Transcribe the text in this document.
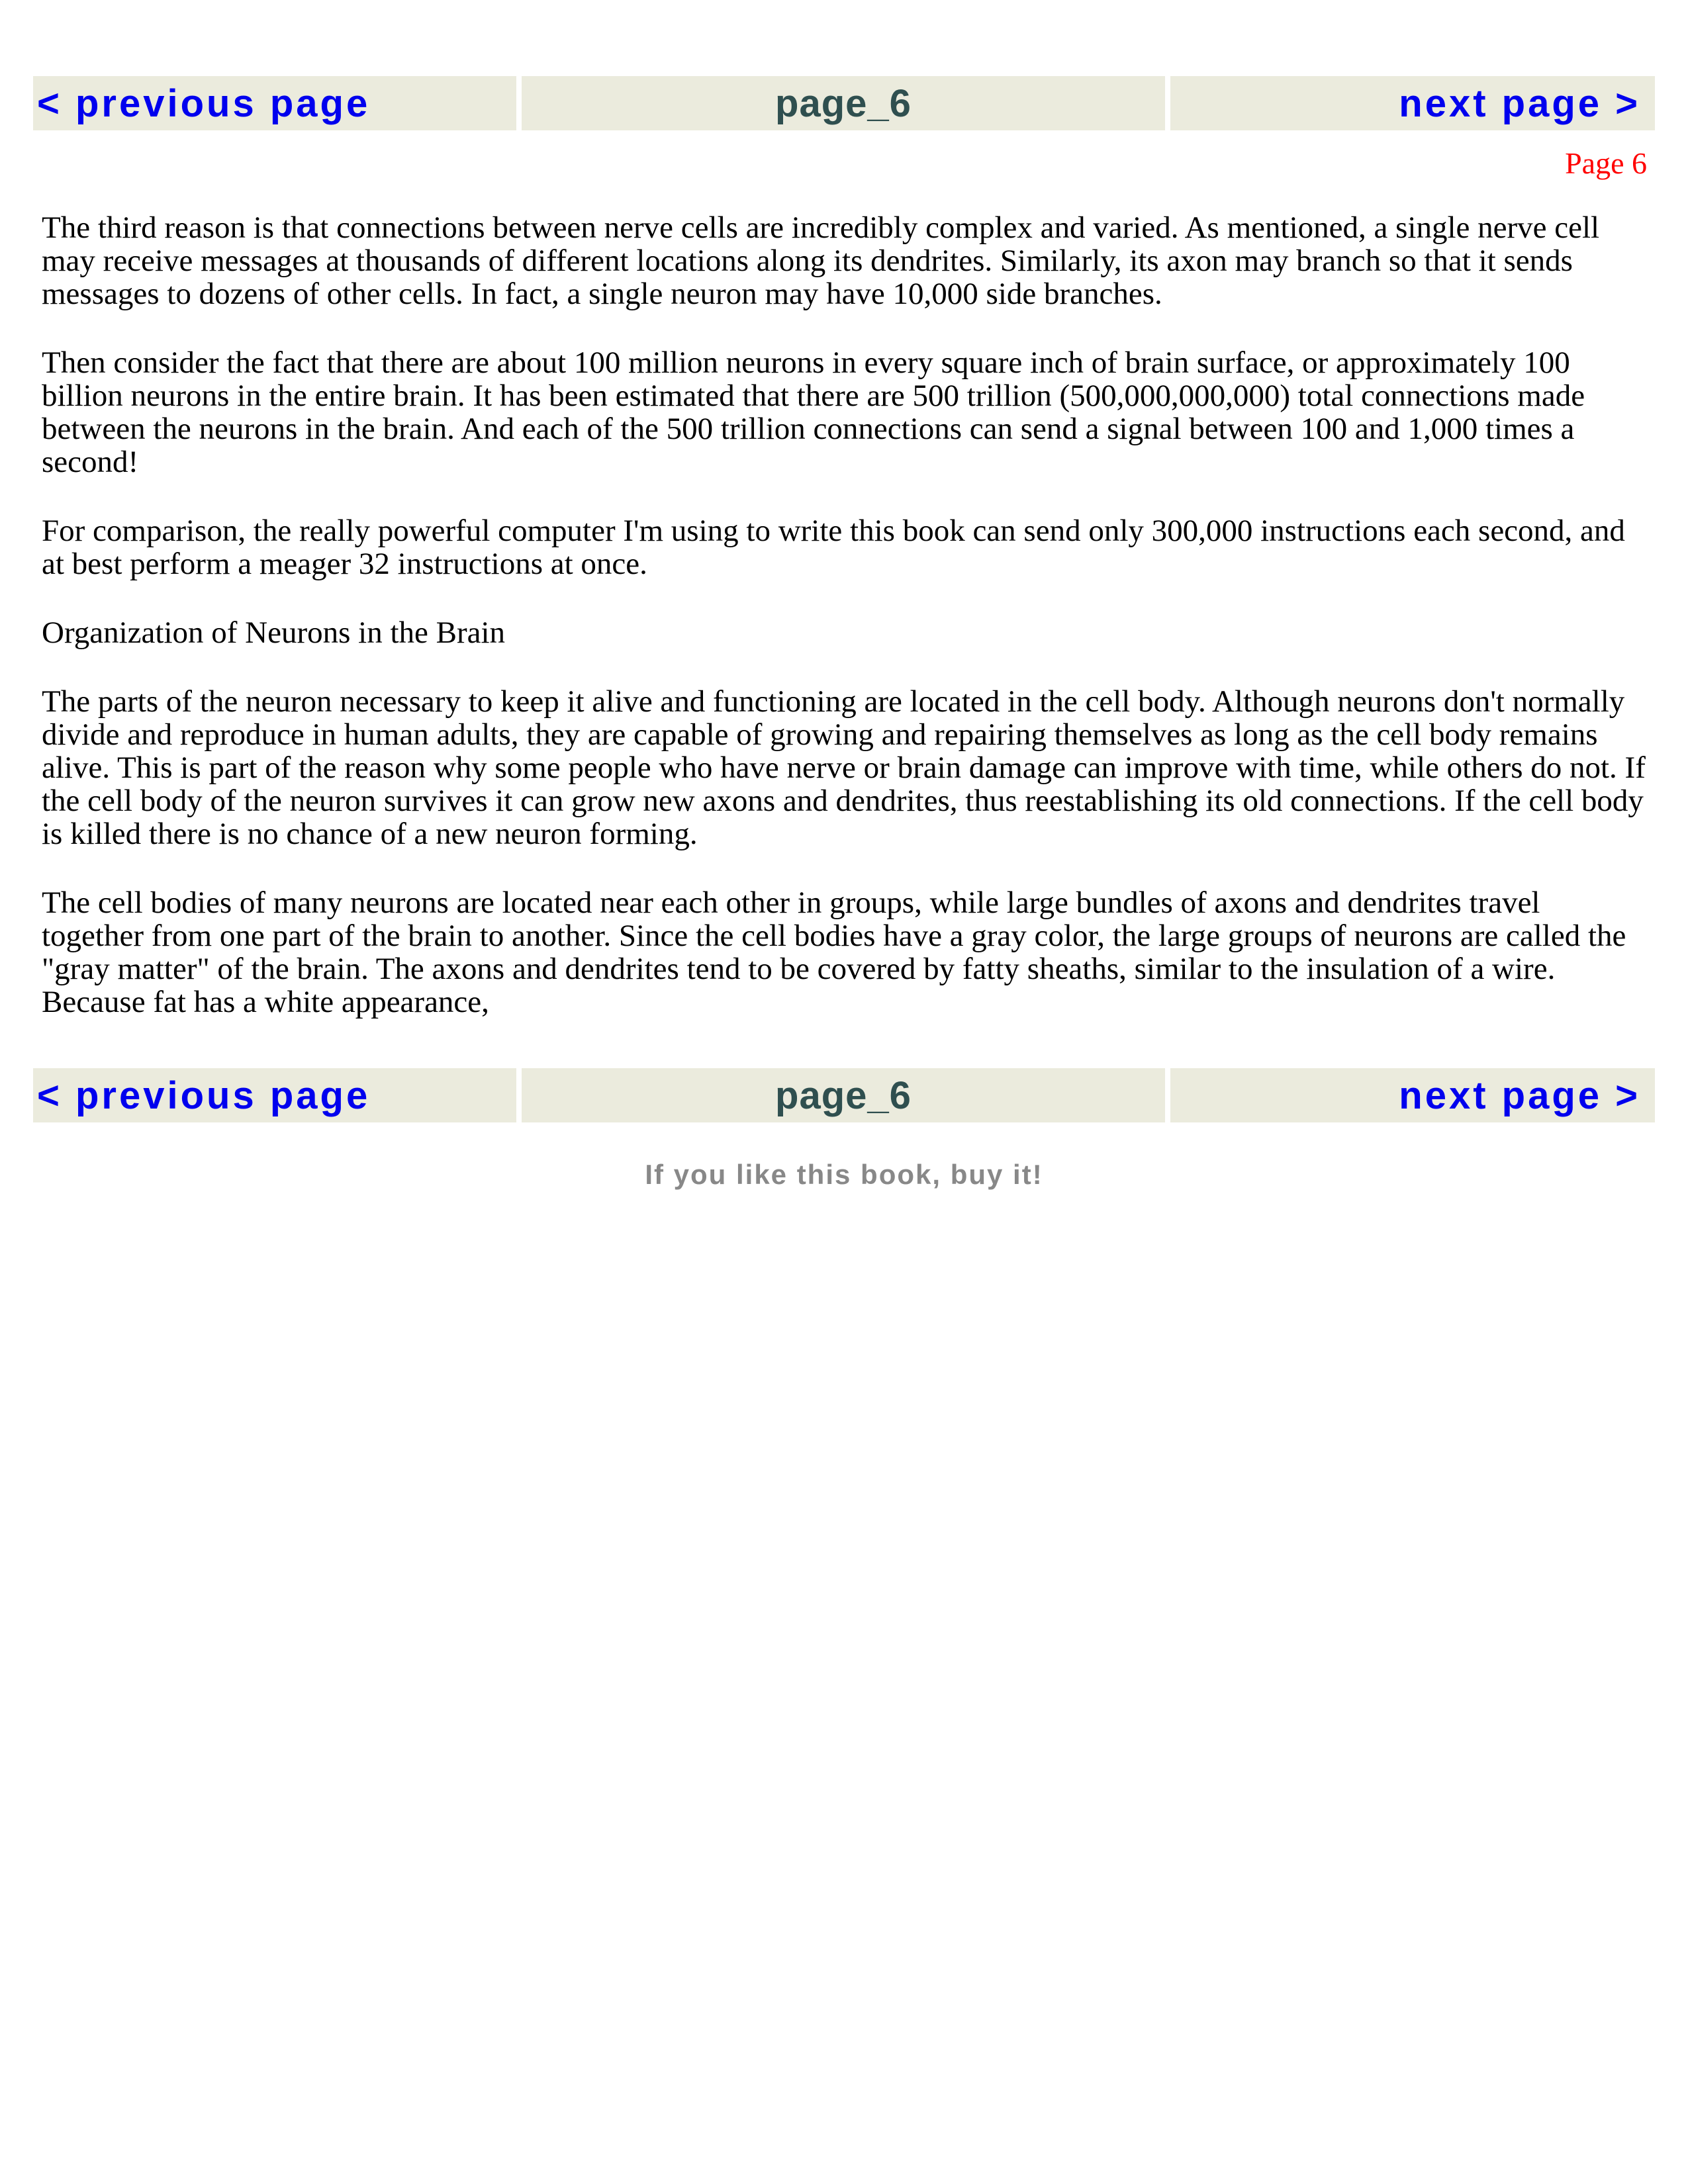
< previous page	page_6	next page >
Page 6

The third reason is that connections between nerve cells are incredibly complex and varied. As mentioned, a single nerve cell may receive messages at thousands of different locations along its dendrites. Similarly, its axon may branch so that it sends messages to dozens of other cells. In fact, a single neuron may have 10,000 side branches.

Then consider the fact that there are about 100 million neurons in every square inch of brain surface, or approximately 100 billion neurons in the entire brain. It has been estimated that there are 500 trillion (500,000,000,000) total connections made between the neurons in the brain. And each of the 500 trillion connections can send a signal between 100 and 1,000 times a second!

For comparison, the really powerful computer I'm using to write this book can send only 300,000 instructions each second, and at best perform a meager 32 instructions at once.

Organization of Neurons in the Brain

The parts of the neuron necessary to keep it alive and functioning are located in the cell body. Although neurons don't normally divide and reproduce in human adults, they are capable of growing and repairing themselves as long as the cell body remains alive. This is part of the reason why some people who have nerve or brain damage can improve with time, while others do not. If the cell body of the neuron survives it can grow new axons and dendrites, thus reestablishing its old connections. If the cell body is killed there is no chance of a new neuron forming.

The cell bodies of many neurons are located near each other in groups, while large bundles of axons and dendrites travel together from one part of the brain to another. Since the cell bodies have a gray color, the large groups of neurons are called the "gray matter" of the brain. The axons and dendrites tend to be covered by fatty sheaths, similar to the insulation of a wire. Because fat has a white appearance,

< previous page	page_6	next page >
If you like this book, buy it!
